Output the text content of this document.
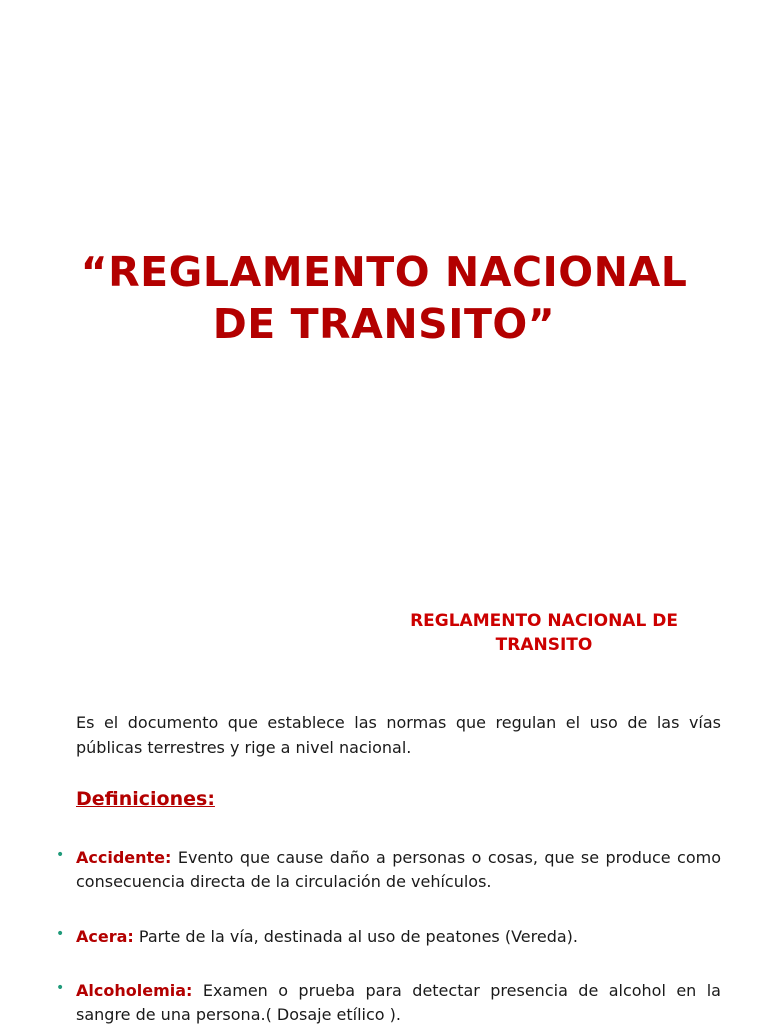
“REGLAMENTO NACIONAL
DE TRANSITO”
REGLAMENTO NACIONAL DE
TRANSITO

Es el documento que establece las normas que regulan el uso de las vías públicas terrestres y rige a nivel nacional.

Definiciones:
• Accidente: Evento que cause daño a personas o cosas, que se produce como consecuencia directa de la circulación de vehículos.
• Acera: Parte de la vía, destinada al uso de peatones (Vereda).
• Alcoholemia: Examen o prueba para detectar presencia de alcohol en la sangre de una persona.( Dosaje etílico ).
